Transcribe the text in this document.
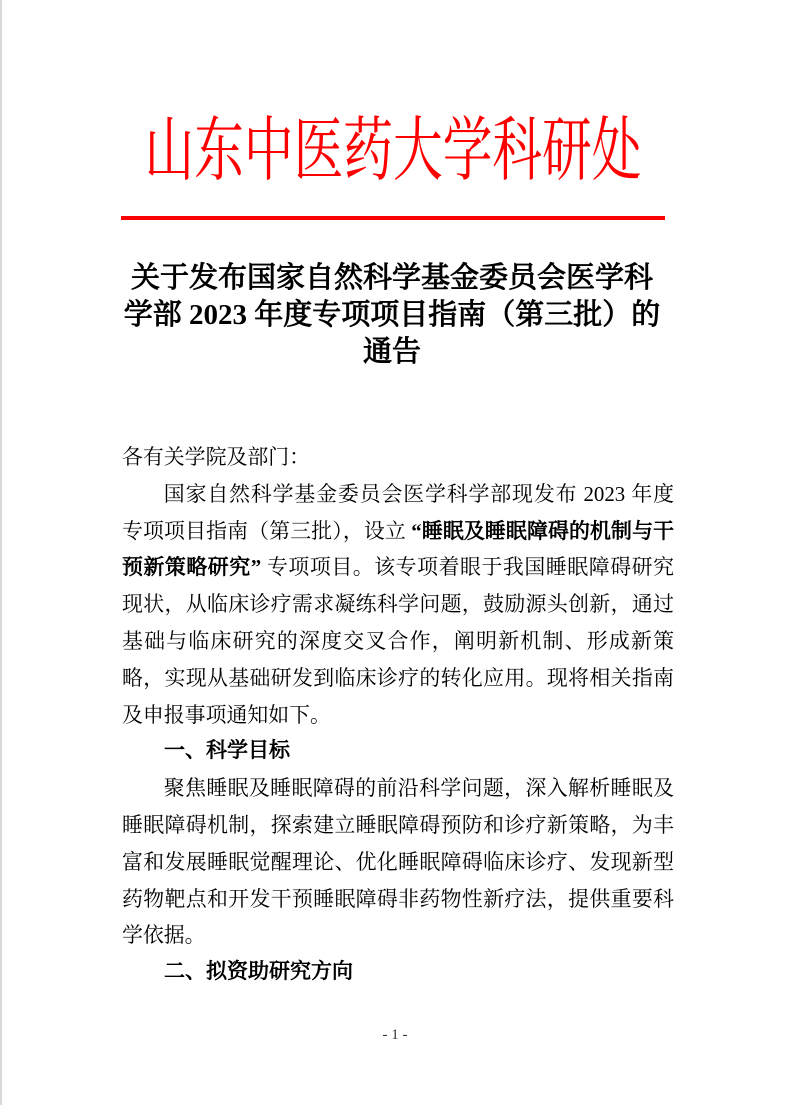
山东中医药大学科研处
关于发布国家自然科学基金委员会医学科学部 2023 年度专项项目指南（第三批）的通告

各有关学院及部门：

国家自然科学基金委员会医学科学部现发布 2023 年度专项项目指南（第三批），设立 “睡眠及睡眠障碍的机制与干预新策略研究” 专项项目。该专项着眼于我国睡眠障碍研究现状，从临床诊疗需求凝练科学问题，鼓励源头创新，通过基础与临床研究的深度交叉合作，阐明新机制、形成新策略，实现从基础研发到临床诊疗的转化应用。现将相关指南及申报事项通知如下。

一、科学目标

聚焦睡眠及睡眠障碍的前沿科学问题，深入解析睡眠及睡眠障碍机制，探索建立睡眠障碍预防和诊疗新策略，为丰富和发展睡眠觉醒理论、优化睡眠障碍临床诊疗、发现新型药物靶点和开发干预睡眠障碍非药物性新疗法，提供重要科学依据。

二、拟资助研究方向

- 1 -
